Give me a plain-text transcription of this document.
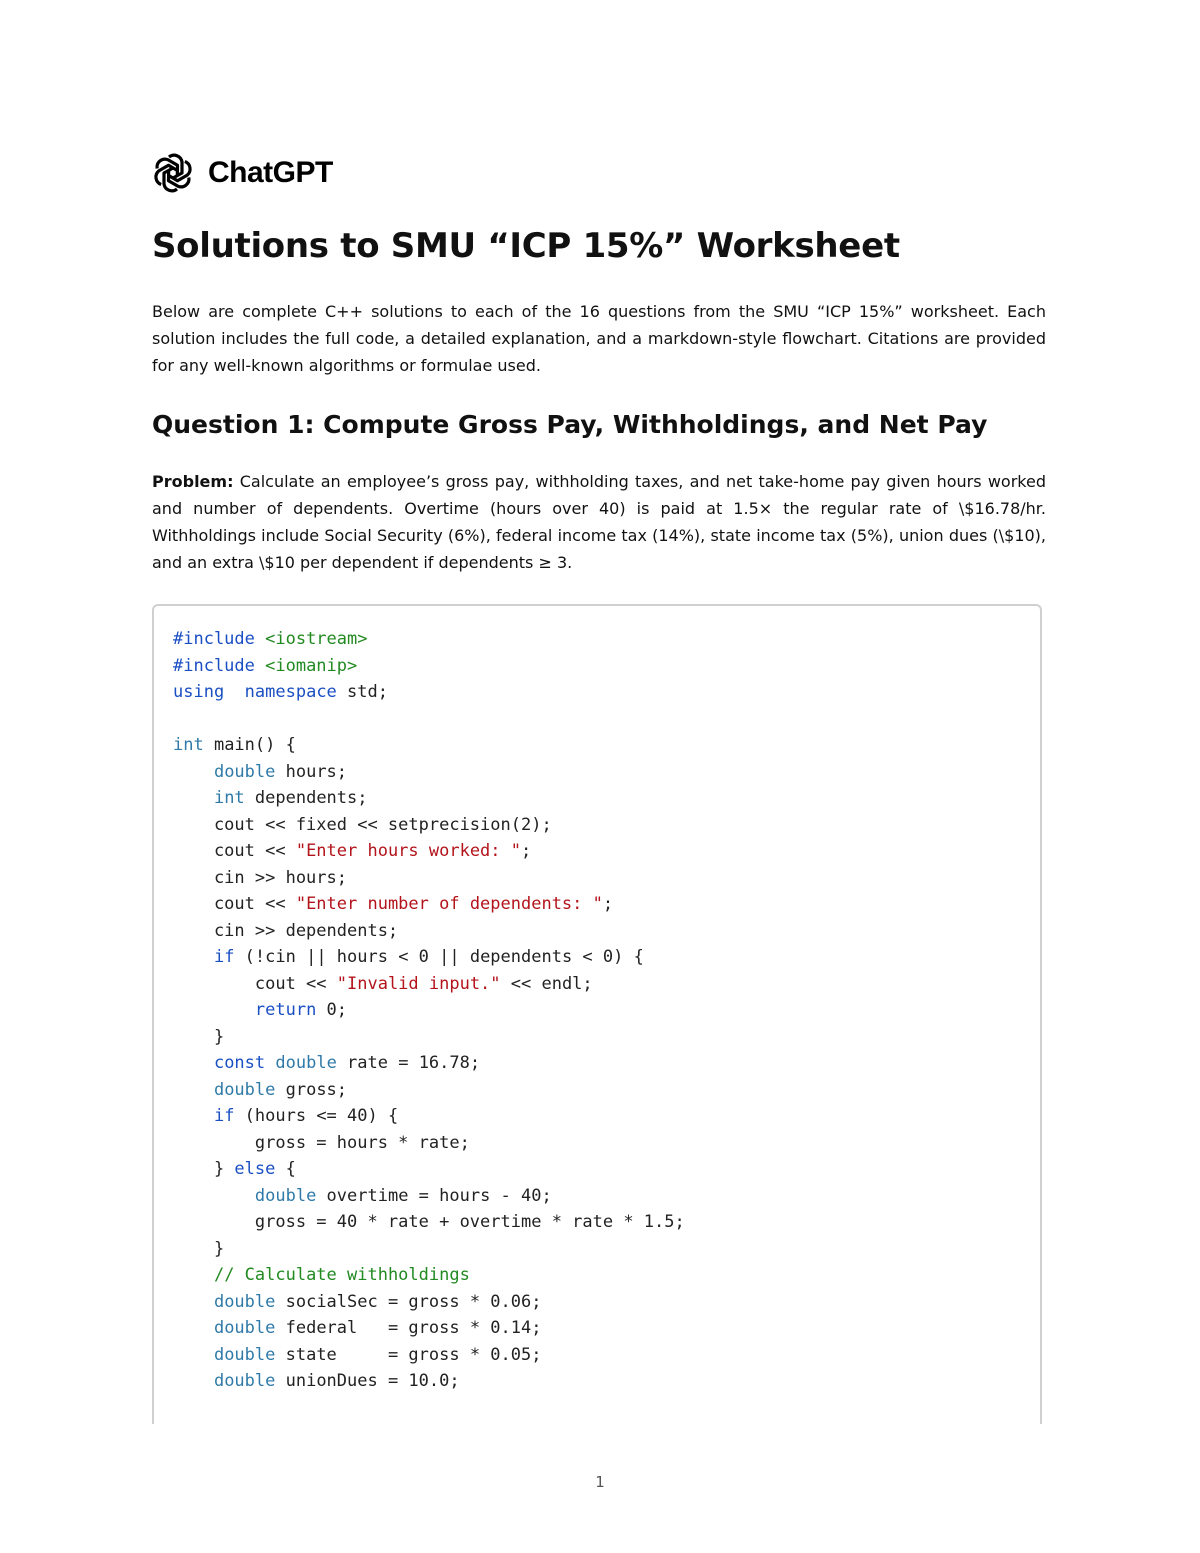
ChatGPT
Solutions to SMU “ICP 15%” Worksheet

Below are complete C++ solutions to each of the 16 questions from the SMU “ICP 15%” worksheet. Each solution includes the full code, a detailed explanation, and a markdown-style flowchart. Citations are provided for any well-known algorithms or formulae used.

Question 1: Compute Gross Pay, Withholdings, and Net Pay

Problem: Calculate an employee’s gross pay, withholding taxes, and net take-home pay given hours worked and number of dependents. Overtime (hours over 40) is paid at 1.5× the regular rate of \$16.78/hr. Withholdings include Social Security (6%), federal income tax (14%), state income tax (5%), union dues (\$10), and an extra \$10 per dependent if dependents ≥ 3.

#include <iostream>
#include <iomanip>
using namespace std;

int main() {
double hours;
int dependents;
cout << fixed << setprecision(2);
cout << "Enter hours worked: ";
cin >> hours;
cout << "Enter number of dependents: ";
cin >> dependents;
if (!cin || hours < 0 || dependents < 0) {
cout << "Invalid input." << endl;
return 0;
}
const double rate = 16.78;
double gross;
if (hours <= 40) {
gross = hours * rate;
} else {
double overtime = hours - 40;
gross = 40 * rate + overtime * rate * 1.5;
}
// Calculate withholdings
double socialSec = gross * 0.06;
double federal   = gross * 0.14;
double state     = gross * 0.05;
double unionDues = 10.0;
1
